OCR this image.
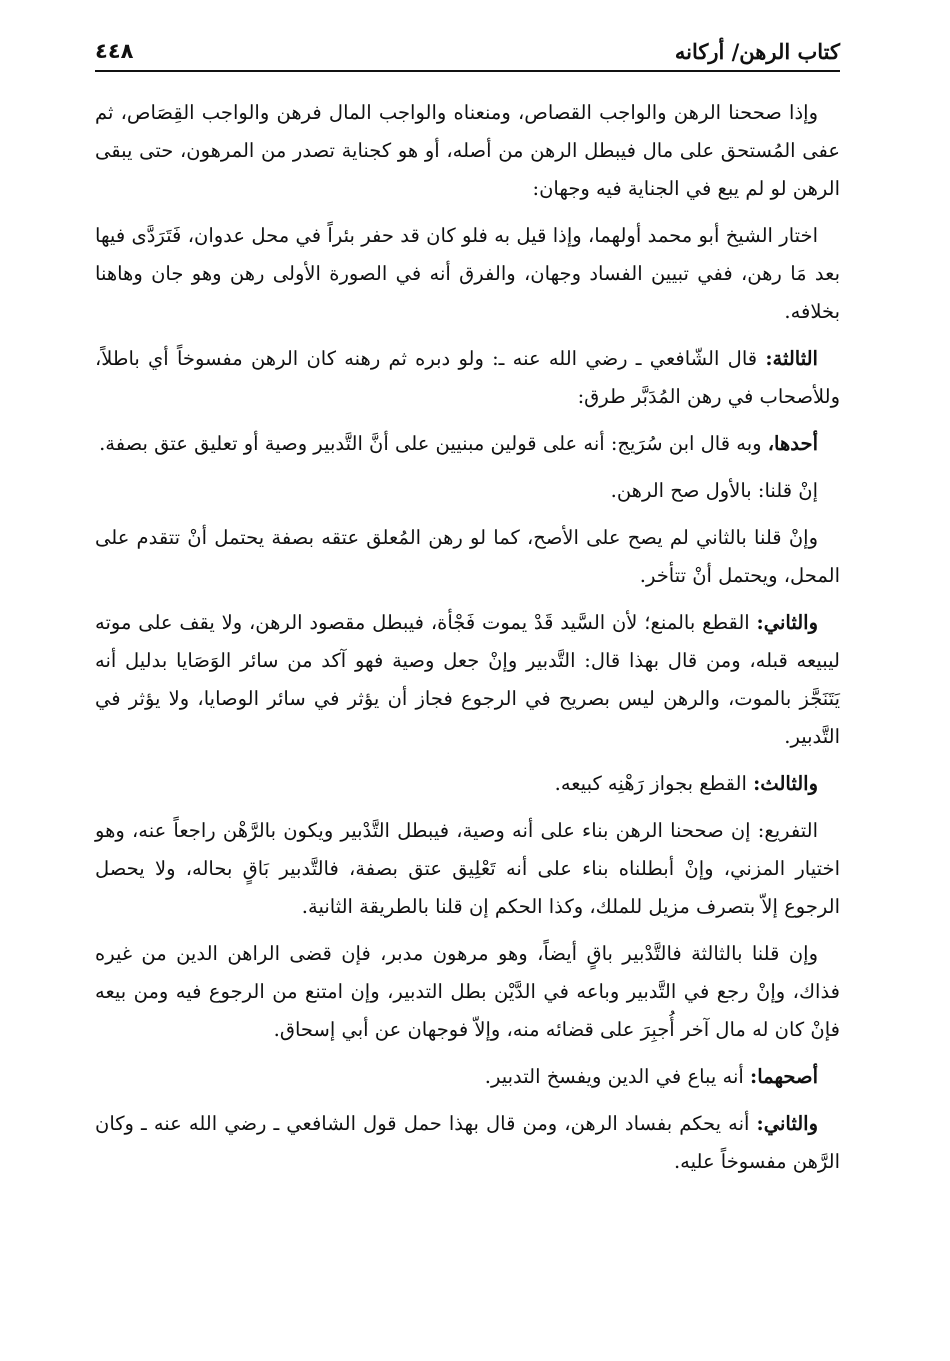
كتاب الرهن/ أركانه
٤٤٨

وإذا صححنا الرهن والواجب القصاص، ومنعناه والواجب المال فرهن والواجب القِصَاص، ثم عفى المُستحق على مال فيبطل الرهن من أصله، أو هو كجناية تصدر من المرهون، حتى يبقى الرهن لو لم يبع في الجناية فيه وجهان:

اختار الشيخ أبو محمد أولهما، وإذا قيل به فلو كان قد حفر بئراً في محل عدوان، فَتَرَدَّى فيها بعد مَا رهن، ففي تبيين الفساد وجهان، والفرق أنه في الصورة الأولى رهن وهو جان وهاهنا بخلافه.

الثالثة: قال الشّافعي ـ رضي الله عنه ـ: ولو دبره ثم رهنه كان الرهن مفسوخاً أي باطلاً، وللأصحاب في رهن المُدَبَّر طرق:

أحدها، وبه قال ابن سُرَيج: أنه على قولين مبنيين على أنَّ التَّدبير وصية أو تعليق عتق بصفة.

إنْ قلنا: بالأول صح الرهن.

وإنْ قلنا بالثاني لم يصح على الأصح، كما لو رهن المُعلق عتقه بصفة يحتمل أنْ تتقدم على المحل، ويحتمل أنْ تتأخر.

والثاني: القطع بالمنع؛ لأن السَّيد قَدْ يموت فَجْأة، فيبطل مقصود الرهن، ولا يقف على موته ليبيعه قبله، ومن قال بهذا قال: التَّدبير وإنْ جعل وصية فهو آكد من سائر الوَصَايا بدليل أنه يَتَنَجَّز بالموت، والرهن ليس بصريح في الرجوع فجاز أن يؤثر في سائر الوصايا، ولا يؤثر في التَّدبير.

والثالث: القطع بجواز رَهْنِه كبيعه.

التفريع: إن صححنا الرهن بناء على أنه وصية، فيبطل التَّدْبير ويكون بالرَّهْن راجعاً عنه، وهو اختيار المزني، وإنْ أبطلناه بناء على أنه تَعْلِيق عتق بصفة، فالتَّدبير بَاقٍ بحاله، ولا يحصل الرجوع إلاّ بتصرف مزيل للملك، وكذا الحكم إن قلنا بالطريقة الثانية.

وإن قلنا بالثالثة فالتَّدْبير باقٍ أيضاً، وهو مرهون مدبر، فإن قضى الراهن الدين من غيره فذاك، وإنْ رجع في التَّدبير وباعه في الدَّيْن بطل التدبير، وإن امتنع من الرجوع فيه ومن بيعه فإنْ كان له مال آخر أُجبِرَ على قضائه منه، وإلاّ فوجهان عن أبي إسحاق.

أصحهما: أنه يباع في الدين ويفسخ التدبير.

والثاني: أنه يحكم بفساد الرهن، ومن قال بهذا حمل قول الشافعي ـ رضي الله عنه ـ وكان الرَّهن مفسوخاً عليه.
